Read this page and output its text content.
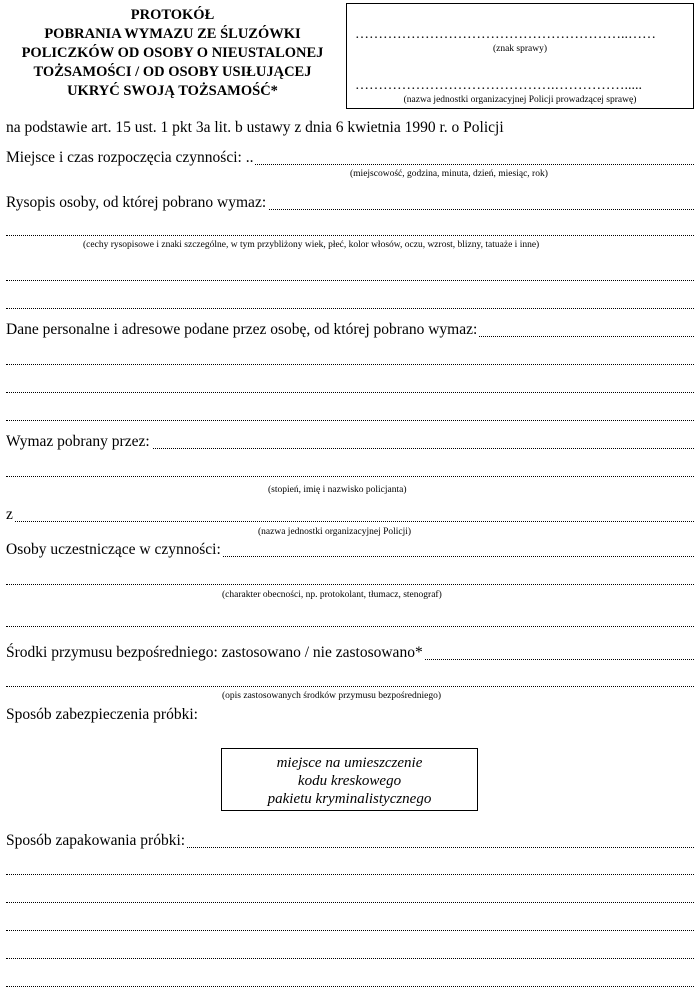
PROTOKÓŁ
POBRANIA WYMAZU ZE ŚLUZÓWKI
POLICZKÓW OD OSOBY O NIEUSTALONEJ
TOŻSAMOŚCI / OD OSOBY USIŁUJĄCEJ
UKRYĆ SWOJĄ TOŻSAMOŚĆ*
…………………………………………………..……
(znak sprawy)
…………………………………….…………….....
(nazwa jednostki organizacyjnej Policji prowadzącej sprawę)
na podstawie art. 15 ust. 1 pkt 3a lit. b ustawy z dnia 6 kwietnia 1990 r. o Policji
Miejsce i czas rozpoczęcia czynności: ..
(miejscowość, godzina, minuta, dzień, miesiąc, rok)
Rysopis osoby, od której pobrano wymaz:
(cechy rysopisowe i znaki szczególne, w tym przybliżony wiek, płeć, kolor włosów, oczu, wzrost, blizny, tatuaże i inne)
Dane personalne i adresowe podane przez osobę, od której pobrano wymaz:
Wymaz pobrany przez:
(stopień, imię i nazwisko policjanta)
z
(nazwa jednostki organizacyjnej Policji)
Osoby uczestniczące w czynności:
(charakter obecności, np. protokolant, tłumacz, stenograf)
Środki przymusu bezpośredniego: zastosowano / nie zastosowano*
(opis zastosowanych środków przymusu bezpośredniego)
Sposób zabezpieczenia próbki:
miejsce na umieszczenie
kodu kreskowego
pakietu kryminalistycznego
Sposób zapakowania próbki:
